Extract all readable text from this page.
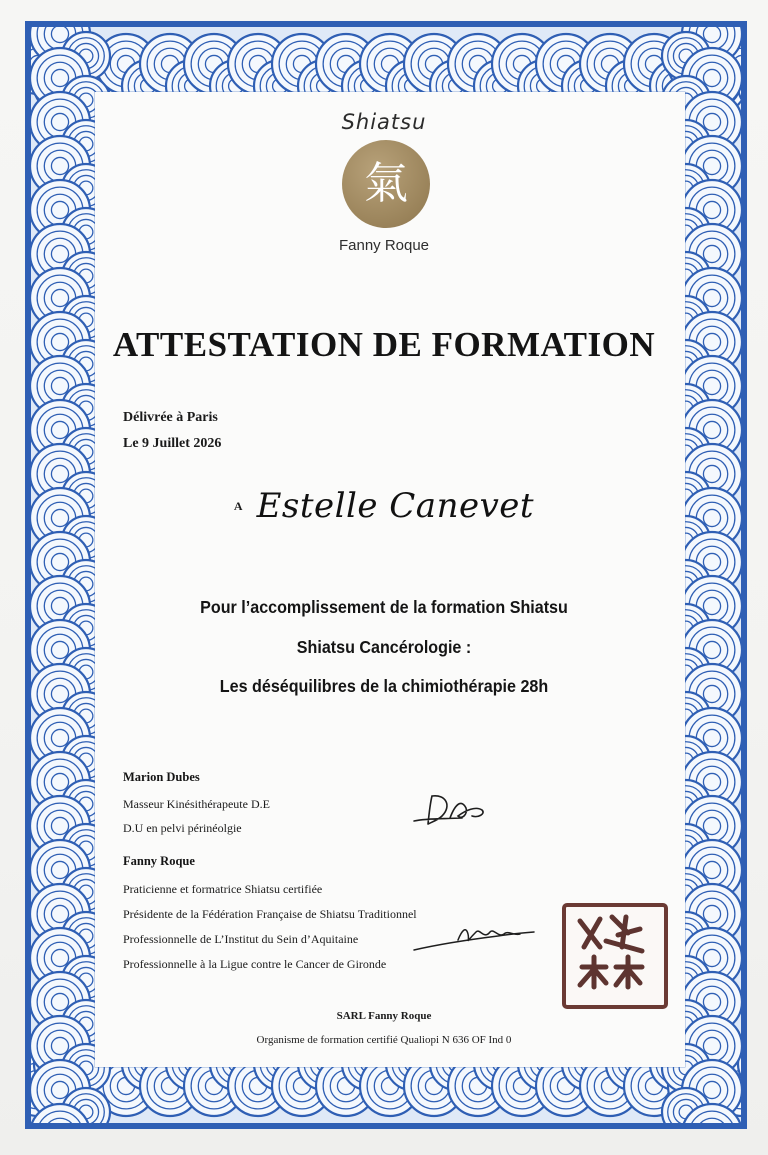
Shiatsu
氣
Fanny Roque
ATTESTATION DE FORMATION
Délivrée à Paris
Le 9 Juillet 2026
A Estelle Canevet
Pour l’accomplissement de la formation Shiatsu
Shiatsu Cancérologie :
Les déséquilibres de la chimiothérapie 28h
Marion Dubes
Masseur Kinésithérapeute D.E
D.U en pelvi périnéolgie
Fanny Roque
Praticienne et formatrice Shiatsu certifiée
Présidente de la Fédération Française de Shiatsu Traditionnel
Professionnelle de L’Institut du Sein d’Aquitaine
Professionnelle à la Ligue contre le Cancer de Gironde
SARL Fanny Roque
Organisme de formation certifié Qualiopi N 636 OF Ind 0
